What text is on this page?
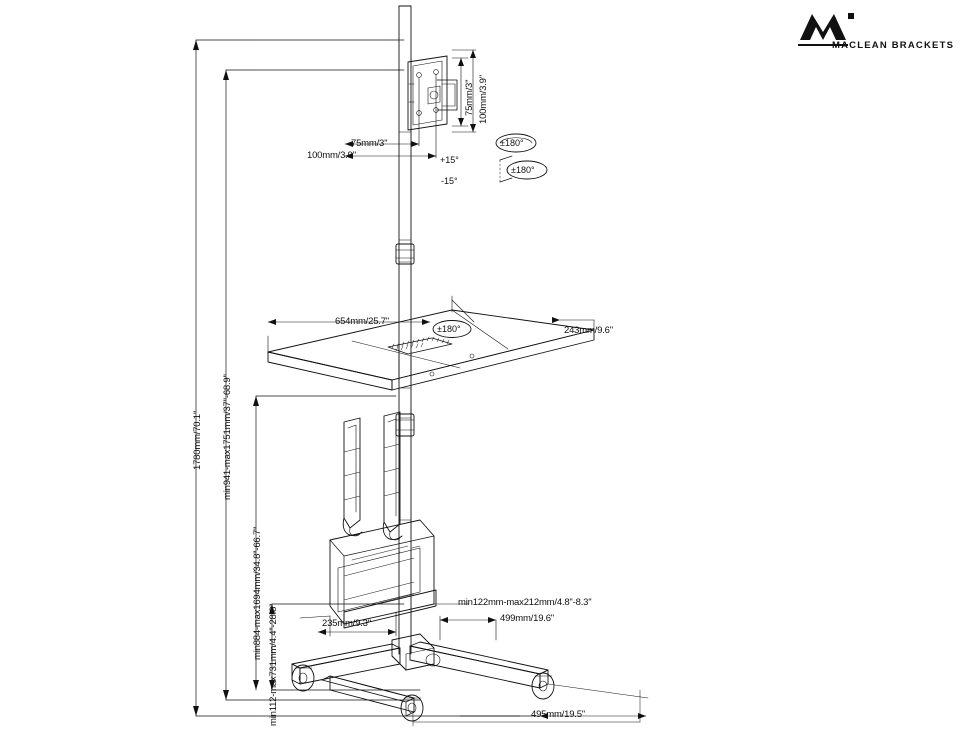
MACLEAN BRACKETS
1780mm/70.1'' min941-max1751mm/37''-68.9''
min884-max1694mm/34.8''-66.7''
min112-max731mm/4.4''-28.8''
75mm/3''
100mm/3.9''
75mm/3'' 100mm/3.9''
654mm/25.7''
243mm/9.6''
min122mm-max212mm/4.8''-8.3''
235mm/9.3''	499mm/19.6''
495mm/19.5''
±180°
±180°
±180°
+15°
-15°
